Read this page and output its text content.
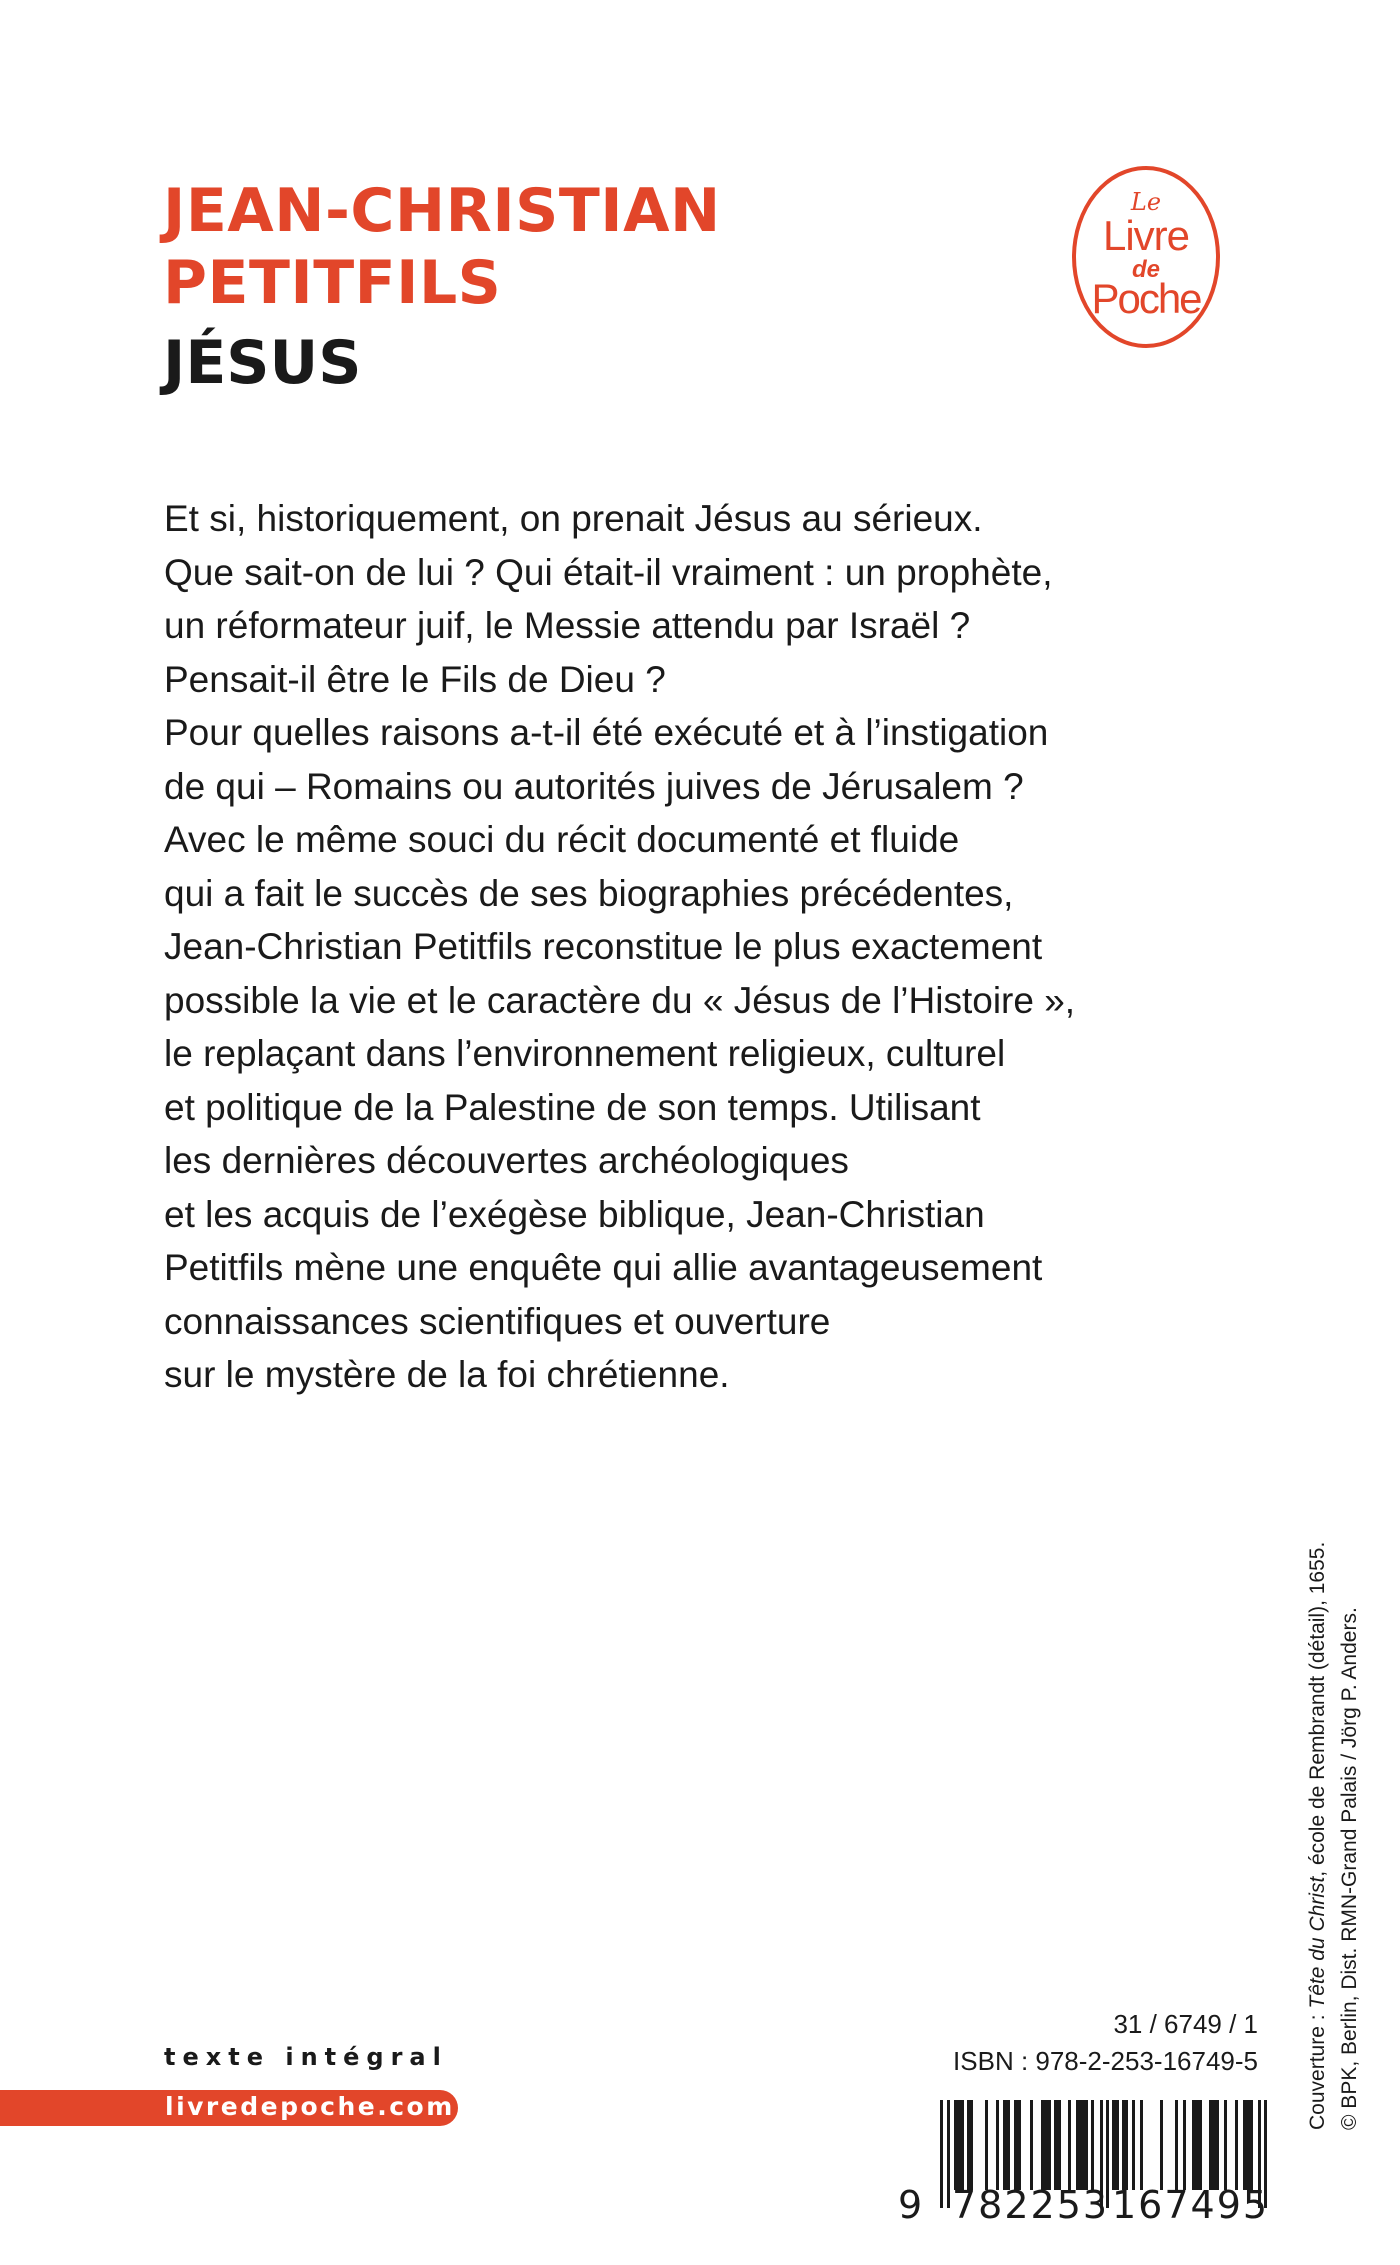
JEAN-CHRISTIAN
PETITFILS
JÉSUS
Le
Livre
de
Poche
Et si, historiquement, on prenait Jésus au sérieux.
Que sait-on de lui ? Qui était-il vraiment : un prophète,
un réformateur juif, le Messie attendu par Israël ?
Pensait-il être le Fils de Dieu ?
Pour quelles raisons a-t-il été exécuté et à l’instigation
de qui – Romains ou autorités juives de Jérusalem ?
Avec le même souci du récit documenté et fluide
qui a fait le succès de ses biographies précédentes,
Jean-Christian Petitfils reconstitue le plus exactement
possible la vie et le caractère du « Jésus de l’Histoire »,
le replaçant dans l’environnement religieux, culturel
et politique de la Palestine de son temps. Utilisant
les dernières découvertes archéologiques
et les acquis de l’exégèse biblique, Jean-Christian
Petitfils mène une enquête qui allie avantageusement
connaissances scientifiques et ouverture
sur le mystère de la foi chrétienne.
Couverture : Tête du Christ, école de Rembrandt (détail), 1655. © BPK, Berlin, Dist. RMN-Grand Palais / Jörg P. Anders.
texte intégral
livredepoche.com
31 / 6749 / 1
ISBN : 978-2-253-16749-5
9 782253 167495
